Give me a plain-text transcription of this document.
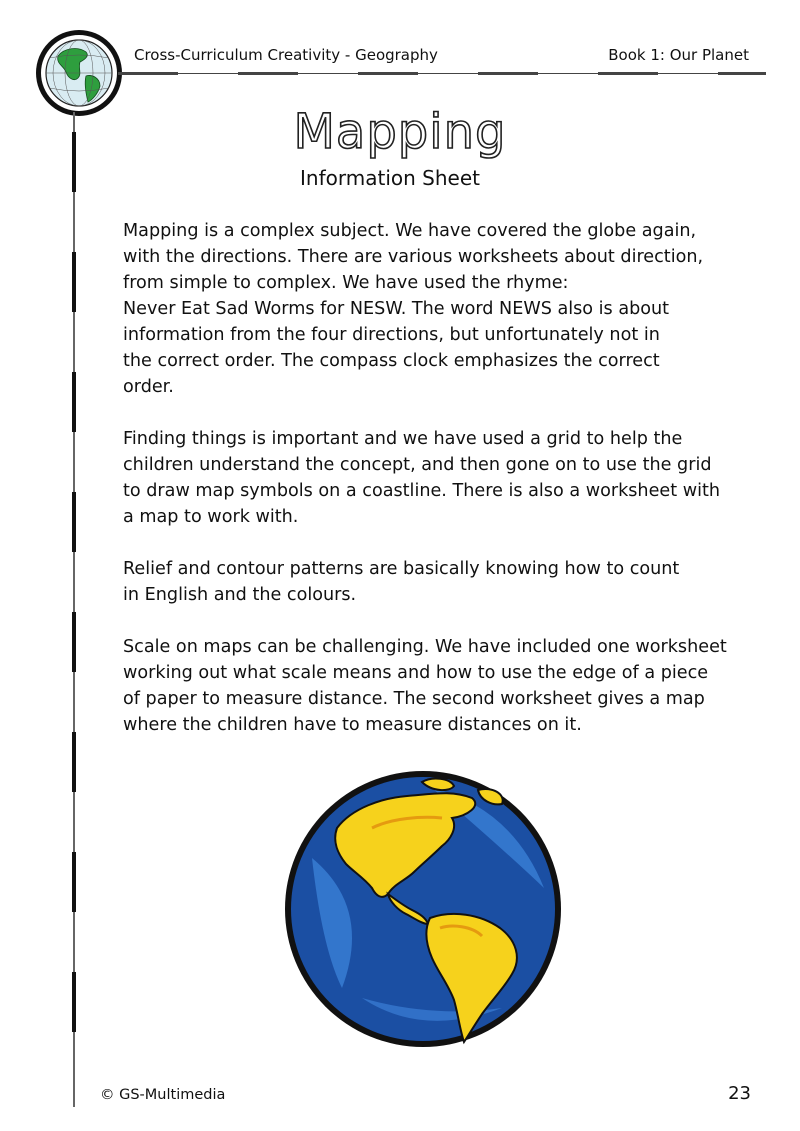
Cross-Curriculum Creativity - Geography	Book 1: Our Planet
Mapping
Information Sheet

Mapping is a complex subject. We have covered the globe again,
with the directions. There are various worksheets about direction,
from simple to complex. We have used the rhyme:
Never Eat Sad Worms for NESW. The word NEWS also is about
information from the four directions, but unfortunately not in
the correct order. The compass clock emphasizes the correct
order.

Finding things is important and we have used a grid to help the
children understand the concept, and then gone on to use the grid
to draw map symbols on a coastline. There is also a worksheet with
a map to work with.

Relief and contour patterns are basically knowing how to count
in English and the colours.

Scale on maps can be challenging. We have included one worksheet
working out what scale means and how to use the edge of a piece
of paper to measure distance. The second worksheet gives a map
where the children have to measure distances on it.

© GS-Multimedia	23
